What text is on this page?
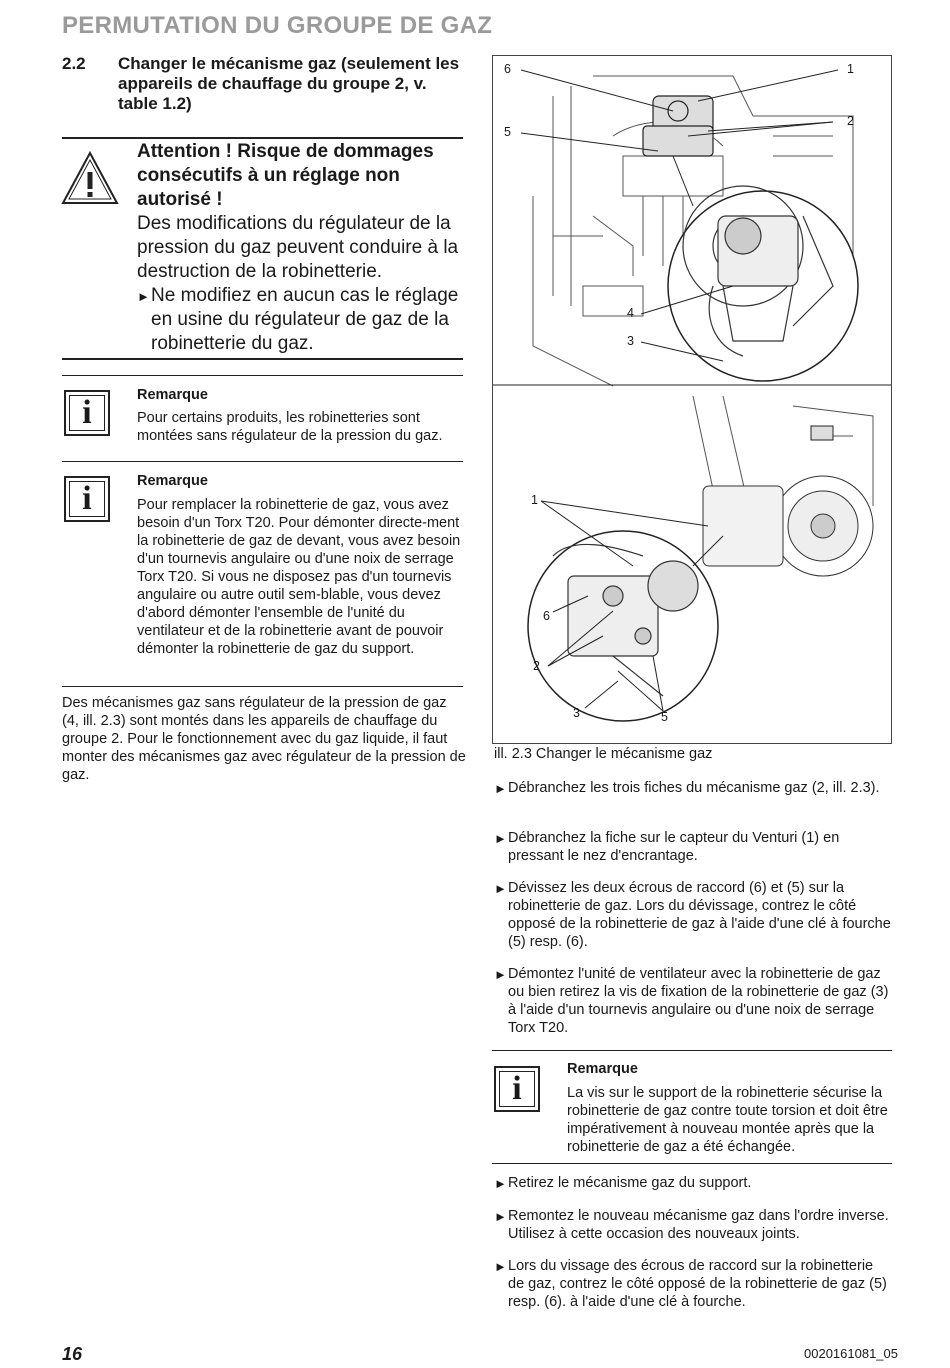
PERMUTATION DU GROUPE DE GAZ
2.2 Changer le mécanisme gaz (seulement les appareils de chauffage du groupe 2, v. table 1.2)
Attention ! Risque de dommages consécutifs à un réglage non autorisé !
Des modifications du régulateur de la pression du gaz peuvent conduire à la destruction de la robinetterie.
►Ne modifiez en aucun cas le réglage en usine du régulateur de gaz de la robinetterie du gaz.
i	Remarque
Pour certains produits, les robinetteries sont montées sans régulateur de la pression du gaz.
i	Remarque
Pour remplacer la robinetterie de gaz, vous avez besoin d'un Torx T20. Pour démonter directe-ment la robinetterie de gaz de devant, vous avez besoin d'un tournevis angulaire ou d'une noix de serrage Torx T20. Si vous ne disposez pas d'un tournevis angulaire ou autre outil sem-blable, vous devez d'abord démonter l'ensemble de l'unité du ventilateur et de la robinetterie avant de pouvoir démonter la robinetterie de gaz du support.
Des mécanismes gaz sans régulateur de la pression de gaz (4, ill. 2.3) sont montés dans les appareils de chauffage du groupe 2. Pour le fonctionnement avec du gaz liquide, il faut monter des mécanismes gaz avec régulateur de la pression de gaz.
6	1
2
5
4
3
1
6
2
3	5
ill. 2.3 Changer le mécanisme gaz
►Débranchez les trois fiches du mécanisme gaz (2, ill. 2.3).
►Débranchez la fiche sur le capteur du Venturi (1) en pressant le nez d'encrantage.
►Dévissez les deux écrous de raccord (6) et (5) sur la robinetterie de gaz. Lors du dévissage, contrez le côté opposé de la robinetterie de gaz à l'aide d'une clé à fourche (5) resp. (6).
►Démontez l'unité de ventilateur avec la robinetterie de gaz ou bien retirez la vis de fixation de la robinetterie de gaz (3) à l'aide d'un tournevis angulaire ou d'une noix de serrage Torx T20.
i
Remarque
La vis sur le support de la robinetterie sécurise la robinetterie de gaz contre toute torsion et doit être impérativement à nouveau montée après que la robinetterie de gaz a été échangée.
►Retirez le mécanisme gaz du support.
►Remontez le nouveau mécanisme gaz dans l'ordre inverse. Utilisez à cette occasion des nouveaux joints.
►Lors du vissage des écrous de raccord sur la robinetterie de gaz, contrez le côté opposé de la robinetterie de gaz (5) resp. (6). à l'aide d'une clé à fourche.
16	0020161081_05
